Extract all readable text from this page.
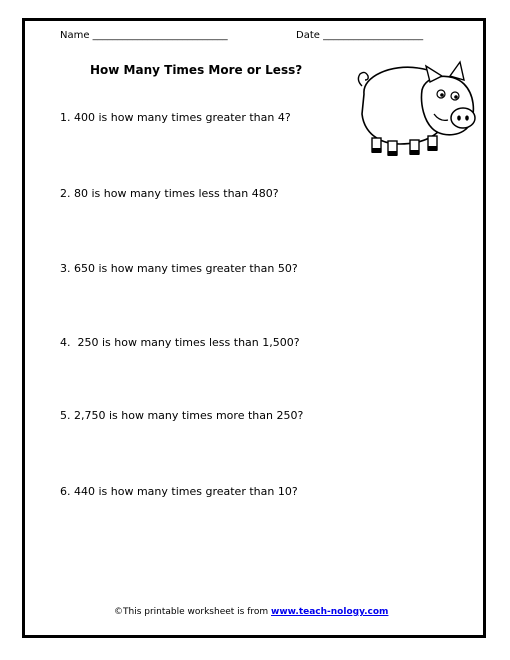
Name ___________________________	Date ____________________
How Many Times More or Less?
1. 400 is how many times greater than 4?
2. 80 is how many times less than 480?
3. 650 is how many times greater than 50?
4.  250 is how many times less than 1,500?
5. 2,750 is how many times more than 250?
6. 440 is how many times greater than 10?
©This printable worksheet is from www.teach-nology.com
